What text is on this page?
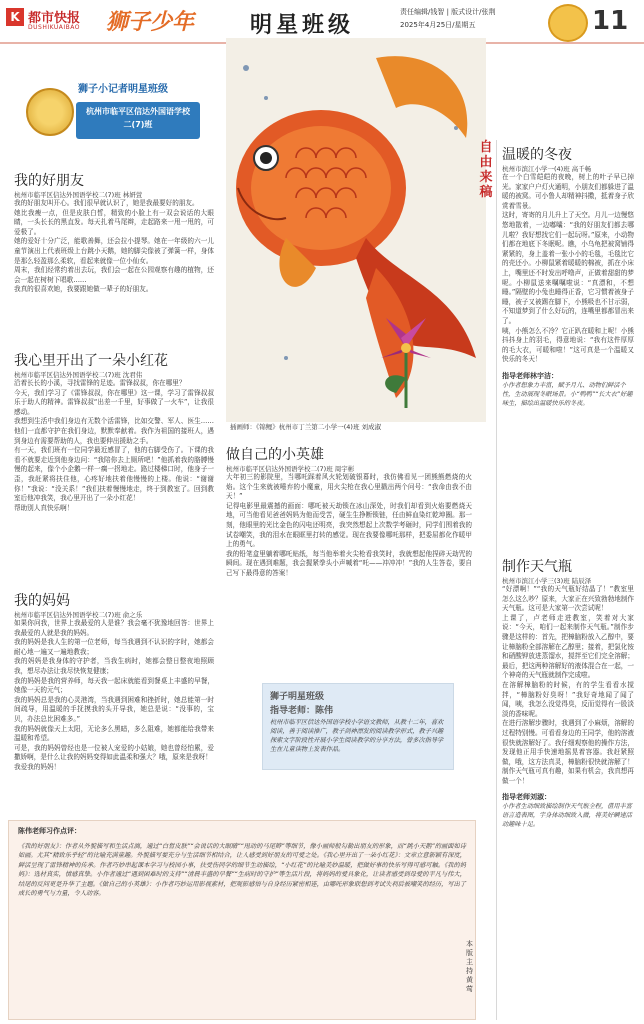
K 都市快报
DUSHIKUAIBAO 狮子少年	明星班级	责任编辑/钱智 | 版式设计/张荆
2025年4月25日/星期五	11
狮子小记者明星班级
杭州市临平区信达外国语学校
二(7)班
我的好朋友
杭州市临平区信达外国语学校二(7)班 林妍萱
我的好朋友叫开心。我们很早就认识了，她是我最要好的朋友。
她比我瘦一点，但是皮肤白皙，精致的小脸上有一双会说话的大眼睛，一头长长的黑直发。每天扎着马尾辫，走起路来一甩一甩的，可爱极了。
她的爱好十分广泛，能歌善舞，还会拉小提琴。她在一年级的六一儿童节演出上代表班级上台跳小天鹅，她的脚尖像被了弹簧一样，身体是那么轻盈那么柔软，看起来就像一位小仙女。
周末，我们经常约着出去玩，我们会一起在公园观察有趣的植物，还会一起在树树下唱歌……
我真的很喜欢她，我要跟她做一辈子的好朋友。
我心里开出了一朵小红花
杭州市临平区信达外国语学校二(7)班 沈君伟
沿着长长的小溪，寻找雷锋的足迹。雷锋叔叔，你在哪里？
今天，我们学习了《雷锋叔叔，你在哪里》这一课，学习了雷锋叔叔乐于助人的精神。雷锋叔叔“出差一千里，好事做了一火车”，让我很感动。
我想到生活中我们身边有无数个活雷锋，比如交警、军人、医生……他们一直都守护在我们身边，默默奉献着。我作为祖国的接班人，遇到身边有需要帮助的人，我也要伸出援助之手。
有一天，我们班有一位同学最近感冒了，他的右脚受伤了。下课的我看不就要走近到他身边问：“我陪你去上厕所吧！”他抓着我的胳膊慢慢的起来，像个小企鹅一样一瘸一拐地走。路过楼梯口时，他身子一歪，我赶紧将扶住他，心疼好地扶着他慢慢的上楼。他说：“谢谢你！”我说：“没关系！”我们扶着慢慢地走，终于到教室了。回到教室后他冲我笑，我心里开出了一朵小红花！
帮助别人真快乐啊！
我的妈妈
杭州市临平区信达外国语学校二(7)班 俞之乐
如果你问我，世界上我最爱的人是谁？我会毫不犹豫地回答：世界上我最爱的人就是我的妈妈。
我的妈妈是我人生的第一位老师，每当我遇到不认识的字时，她都会耐心地一遍又一遍地教我；
我的妈妈是我身体的守护者，当我生病时，她都会整日整夜地照顾我，想尽办法让我尽快恢复健康；
我的妈妈是我的营养师，每天我一起床就能看到餐桌上丰盛的早餐，她像一天的元气；
我的妈妈总是我的心灵港湾，当我遇到困难和挫折时，她总能第一时间疏导，用温暖的手抚摸我的头开导我，她总是说：“没事的，宝贝，办法总比困难多。”
我的妈妈就像天上太阳，无论多么黑暗，多么阻难，她都能给我带来温暖和希望。
可是，我的妈妈曾经也是一位被人宠爱的小姑娘，她也曾经怕累，爱撒娇啊，是什么让我的妈妈变得如此温柔和强大？哦，原来是我呀！
我爱我的妈妈！
插画师：《锦鲤》杭州市丁兰第二小学一(4)班 刘成淑
自由来稿
做自己的小英雄
杭州市临平区信达外国语学校二(7)班 周宇彬
大年初三的影院里，当哪吒踩着风火轮划破银幕时，我仿佛看见一团熊熊燃烧的火焰。这个生来就被唾弃的小魔童，用火尖枪在我心里戳出两个问号：“我命由我不由天！”
记得电影里最震撼的画面：哪吒被天劫锁在冰山深处，时我们却看到火焰要燃烧天地，可当他看见爸爸妈妈为他而受苦，硬生生挣断锁链，任由鲜血染红乾坤圈。那一刻，他眼里的光比金色的闪电还明亮，我突然想起上次数学考砸时，同学们围着我的试卷嘲笑，我的泪水在眼眶里打转的感觉。现在我要像哪吒那样，把委屈都化作暖甲上的勇气。
我的铅笔盒里躺着哪吒贴纸，每当他举着火尖枪看我笑时，我就想起他捏碎天劫咒的瞬间。现在遇到难题，我会握紧拳头小声喊着“吒——冲冲冲！”我的人生答卷，要自己写下最得意的答案！
狮子明星班级
指导老师：陈伟
杭州市临平区信达外国语学校小学语文教师，从教十二年，喜欢阅读，善于阅读推广，教子剑神漂发的阅读教学形式，教子兴趣探索文字阶段性开展小学生阅读教学的分享方法，曾多次指导学生在儿童读物上发表作品。
陈伟老师习作点评：
《我的好朋友》：作者从外貌描写和生活点滴，通过“白皙皮肤”“会说话的大眼睛”“甩动的马尾辫”等细节，像小画师般勾勒出朋友的形象，而“跳小天鹅”的画面如诗如画。尤其“精致乐乎轻”的比喻充满童趣。外貌描写要充分与生活细节相结合，让人感受到好朋友的可爱之处。《我心里开出了一朵小红花》：文章立意新颖有深度，鲜活呈现了雷锋精神的传承。作者巧妙串起课本学习与校园小事，扶受伤同学的细节生动描绘，“小红花”的比喻美妙温暖，把做好事的快乐写得可感可触。《我的妈妈》：选材真实，情感真挚。小作者通过“遇到困难时的支持”“清晨丰盛的早餐”“生病时的守护”等生活片段，将妈妈的爱具象化，让读者感受到母爱的平凡与伟大，结尾的反问更是升华了主题。《做自己的小英雄》：小作者巧妙运用影视素材，把观影感悟与自身经历紧密相连，由哪吒形象联想到考试失利后被嘲笑的经历，写出了成长的勇气与力量，令人动容。
本版主持 黄莺
温暖的冬夜
杭州市滨江小学一(4)班 高千畅
在一个白雪皑皑的夜晚，树上的叶子早已掉光。家家户户灯火通明，小朋友们都躲进了温暖的被窝。可小鲁人却精神抖擞，抵着身子欣赏着雪景。
这时，寄寄的月儿升上了天空。月儿一边慢悠悠地散着，一边嘟囔：“我的好朋友们都去哪儿啦？我好想找它们一起玩呀。”原来，小动物们都在地底下冬眠呢。瞧，小乌龟把被窝铺得紧紧的，身上盖着一张小小的毛毯，毛毯比它的壳还小。小柳鼠紧着暖暖的棉被，抓在小床上，嘴里还不时发出呼噜声，正做着甜甜的梦呢。小柳鼠送来嘱嘱啦说：“真漂和，不想睡。”隔壁的小兔也睡得正香，它习惯着被身子睡，被子又被踢在脚下，小熊吸也不甘示弱，不知道梦到了什么好玩的，连嘴里都都冒出来了。
咦，小熊怎么不冷？它正趴在暖和上呢！小熊抖抖身上的羽毛，得意地说：“我有这件厚厚的毛大衣，可暖和啦！”这可真是一个温暖又快乐的冬天！
指导老师林宇洁：
小作者想象力丰富，赋予月儿、动物们鲜活个性，生动展现冬眠场景。小“鸭鸭”“长大衣”好趣味生，描绘出温暖快乐的冬夜。
制作天气瓶
杭州市滨江小学三(3)班 陆辰泽
“好漂啊！”“我的天气瓶好结晶了！”教室里怎么这么吵？原来，大家正在兴致勃勃地制作天气瓶。这可是大家第一次尝试呢！
上课了，卢老师走进教室，笑着对大家说：“今天，咱们一起来制作天气瓶。”制作步骤是这样的：首先，把樟脑粉放入乙醇中，要让樟脑粉全部溶解在乙醇里；接着，把氯化铵和硝酸钾放进蒸馏水，搅拌至它们完全溶解；最后，把这两种溶解好的液体混合在一起，一个神奇的天气瓶就制作完成啦。
在溶解樟脑粉的时候，有的学生看看水搅拌，“樟脑粉好臭呀！”我好奇地闻了闻了闻，咦，我怎么没觉得臭，反而觉得有一股淡淡的香味呢。
在进行溶解步骤时，我遇到了小麻烦，溶解的过程特别慢。可看看身边的王同学，他的溶液很快就溶解好了。我仔细观察他的操作方法，发现他正用手快速地摇晃着容器。我赶紧照做，哦，这方法真灵，樟脑粉很快就溶解了！
制作天气瓶可真有趣，如果有机会，我真想再做一个！
指导老师刘淑：
小作者生动细致描绘制作天气瓶全程，借用丰富语言造表图，字身体动细致入微，将美好瞬速活动趣味十足。
